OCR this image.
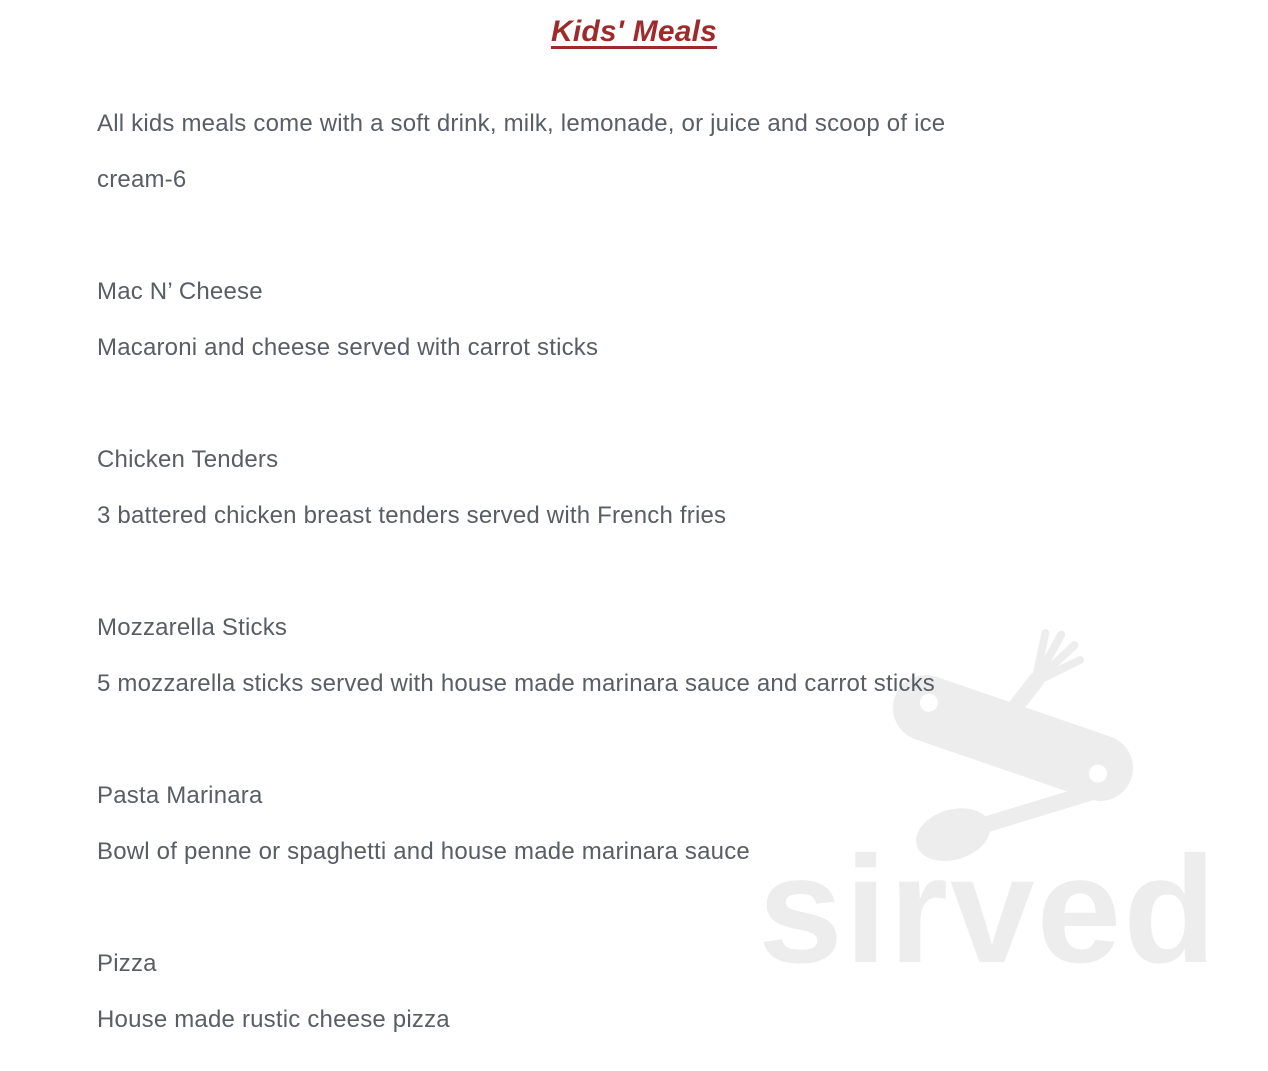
sirved
Kids' Meals

All kids meals come with a soft drink, milk, lemonade, or juice and scoop of ice

cream-6

Mac N’ Cheese

Macaroni and cheese served with carrot sticks

Chicken Tenders

3 battered chicken breast tenders served with French fries

Mozzarella Sticks

5 mozzarella sticks served with house made marinara sauce and carrot sticks

Pasta Marinara

Bowl of penne or spaghetti and house made marinara sauce

Pizza

House made rustic cheese pizza
